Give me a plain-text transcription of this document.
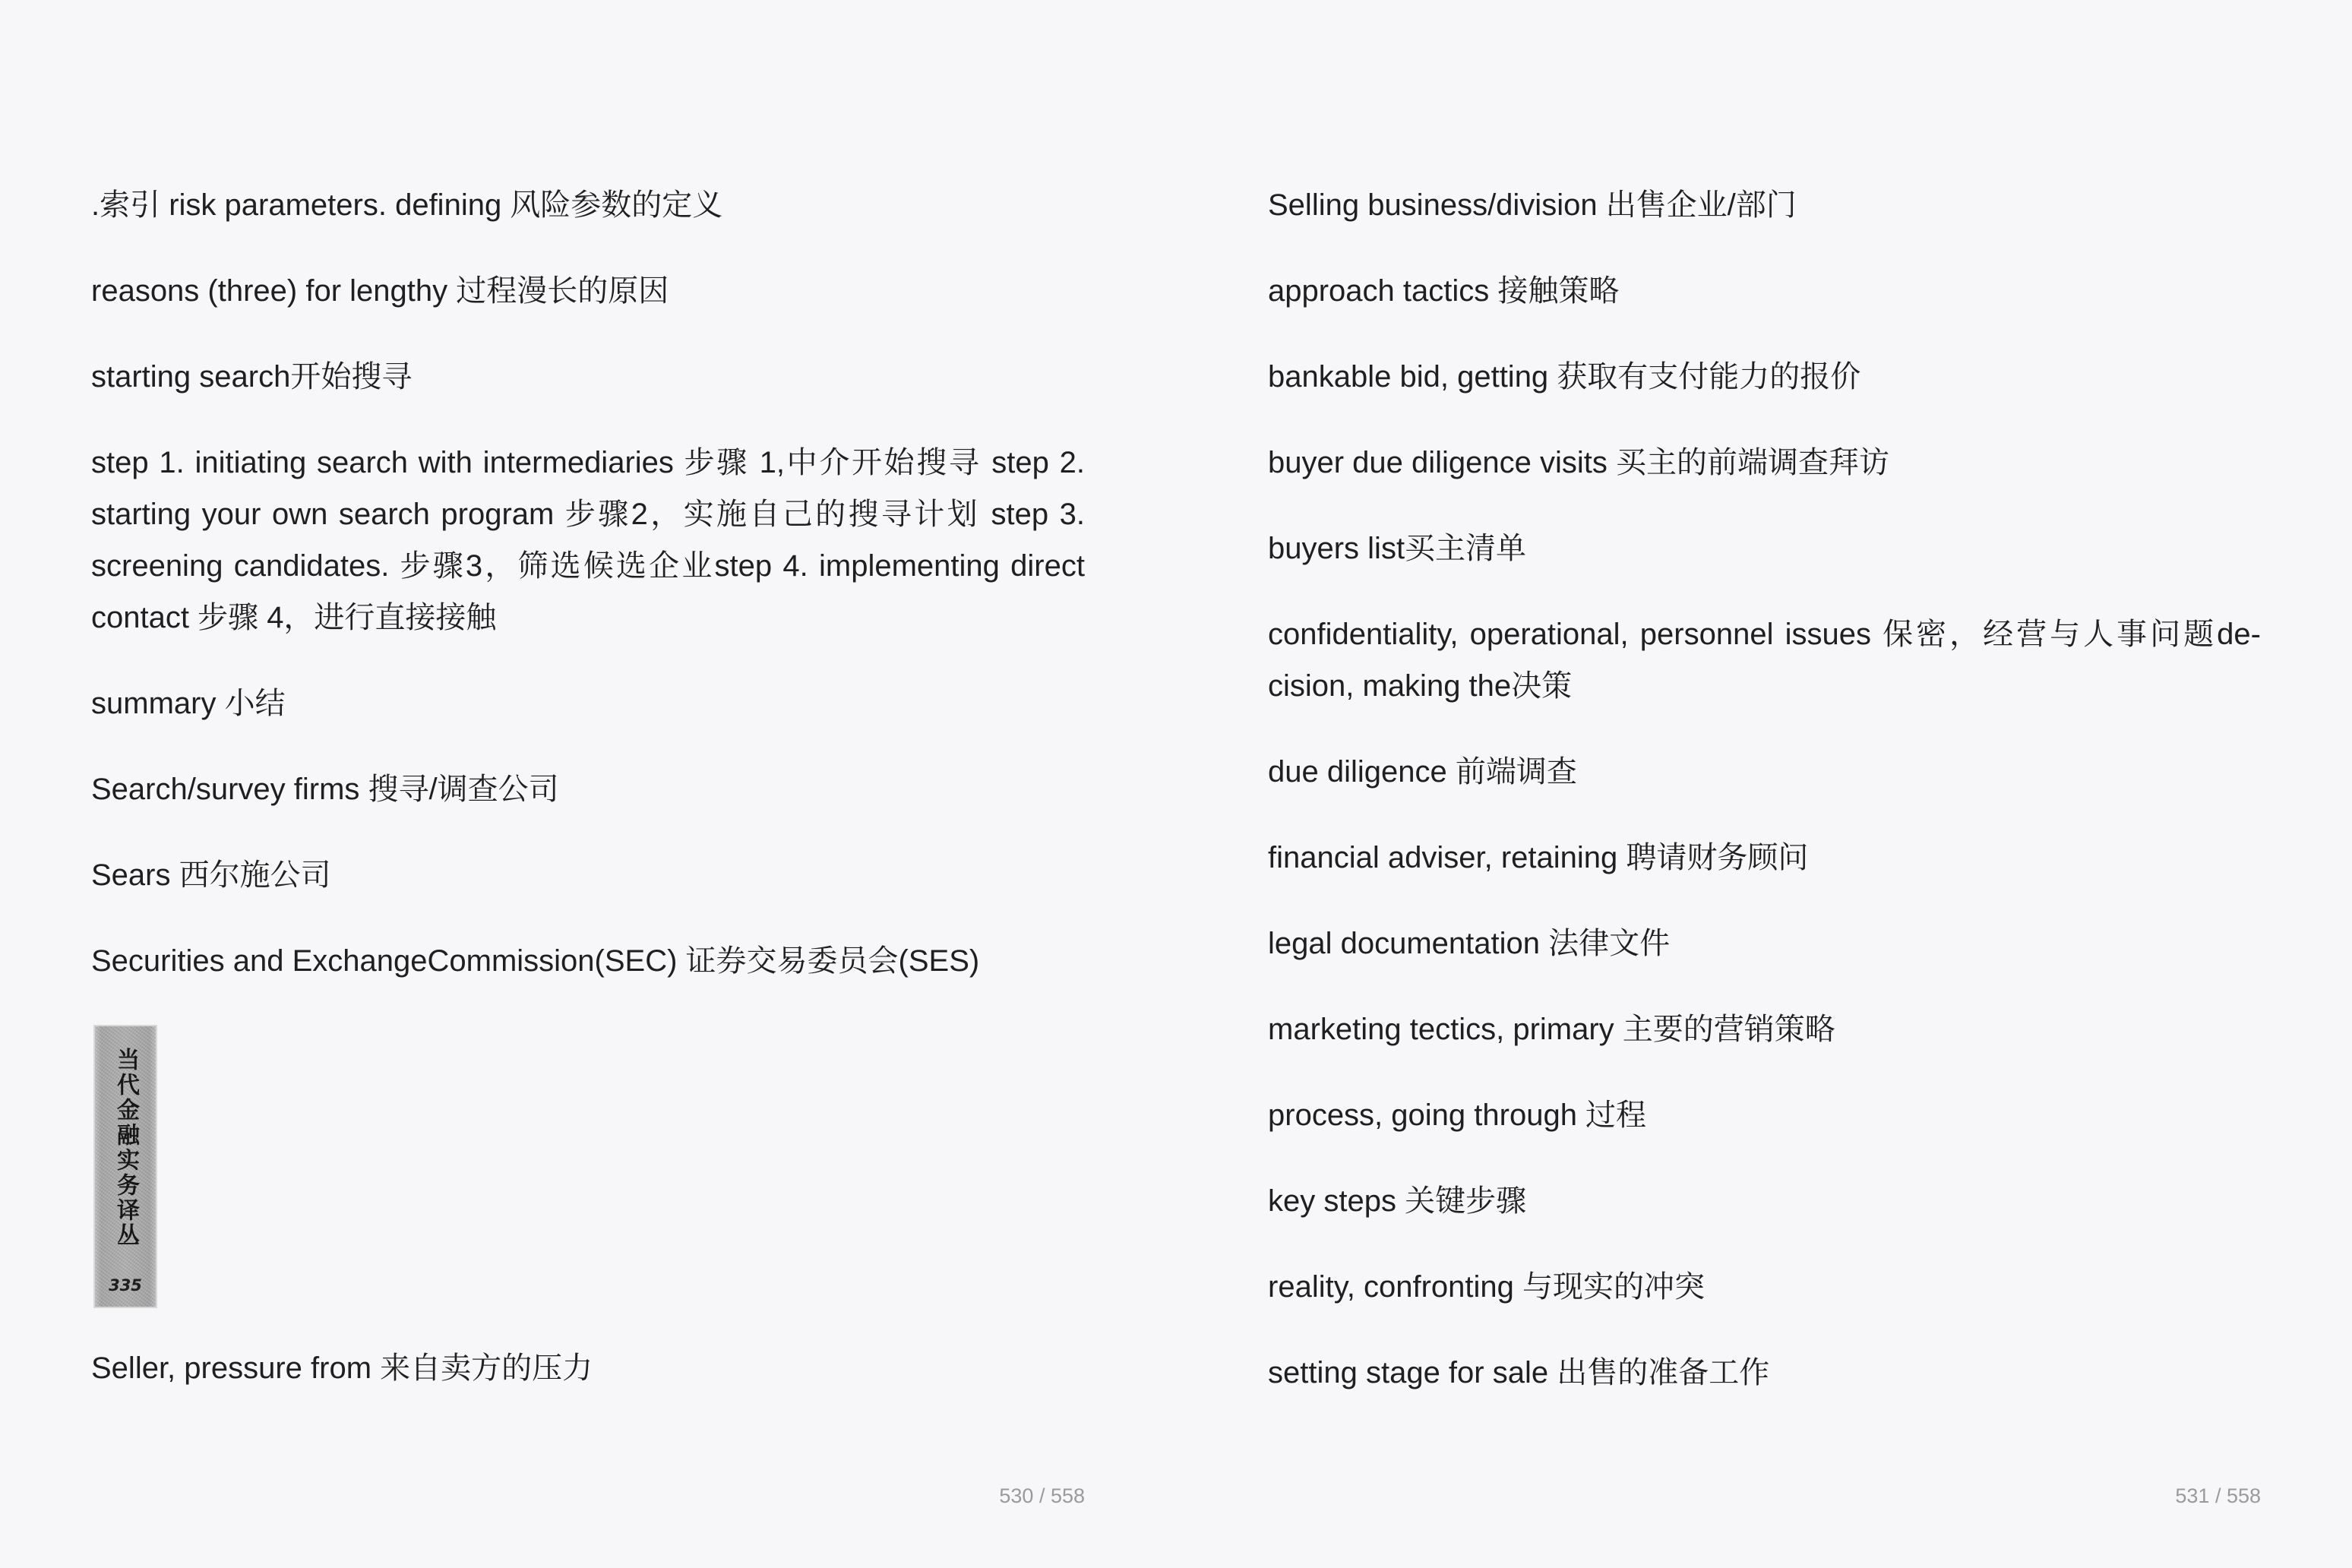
.索引 risk parameters. defining 风险参数的定义
reasons (three) for lengthy 过程漫长的原因
starting search开始搜寻
step 1. initiating search with intermediaries 步骤 1,中介开始搜寻 step 2.
starting your own search program 步骤2，实施自己的搜寻计划 step 3.
screening candidates. 步骤3，筛选候选企业step 4. implementing direct
contact 步骤 4，进行直接接触
summary 小结
Search/survey firms 搜寻/调查公司
Sears 西尔施公司
Securities and ExchangeCommission(SEC) 证券交易委员会(SES)
当代金融实务译丛
335
Seller, pressure from 来自卖方的压力
530 / 558
Selling business/division 出售企业/部门
approach tactics 接触策略
bankable bid, getting 获取有支付能力的报价
buyer due diligence visits 买主的前端调查拜访
buyers list买主清单
confidentiality, operational, personnel issues 保密，经营与人事问题de-
cision, making the决策
due diligence 前端调查
financial adviser, retaining 聘请财务顾问
legal documentation 法律文件
marketing tectics, primary 主要的营销策略
process, going through 过程
key steps 关键步骤
reality, confronting 与现实的冲突
setting stage for sale 出售的准备工作
531 / 558
